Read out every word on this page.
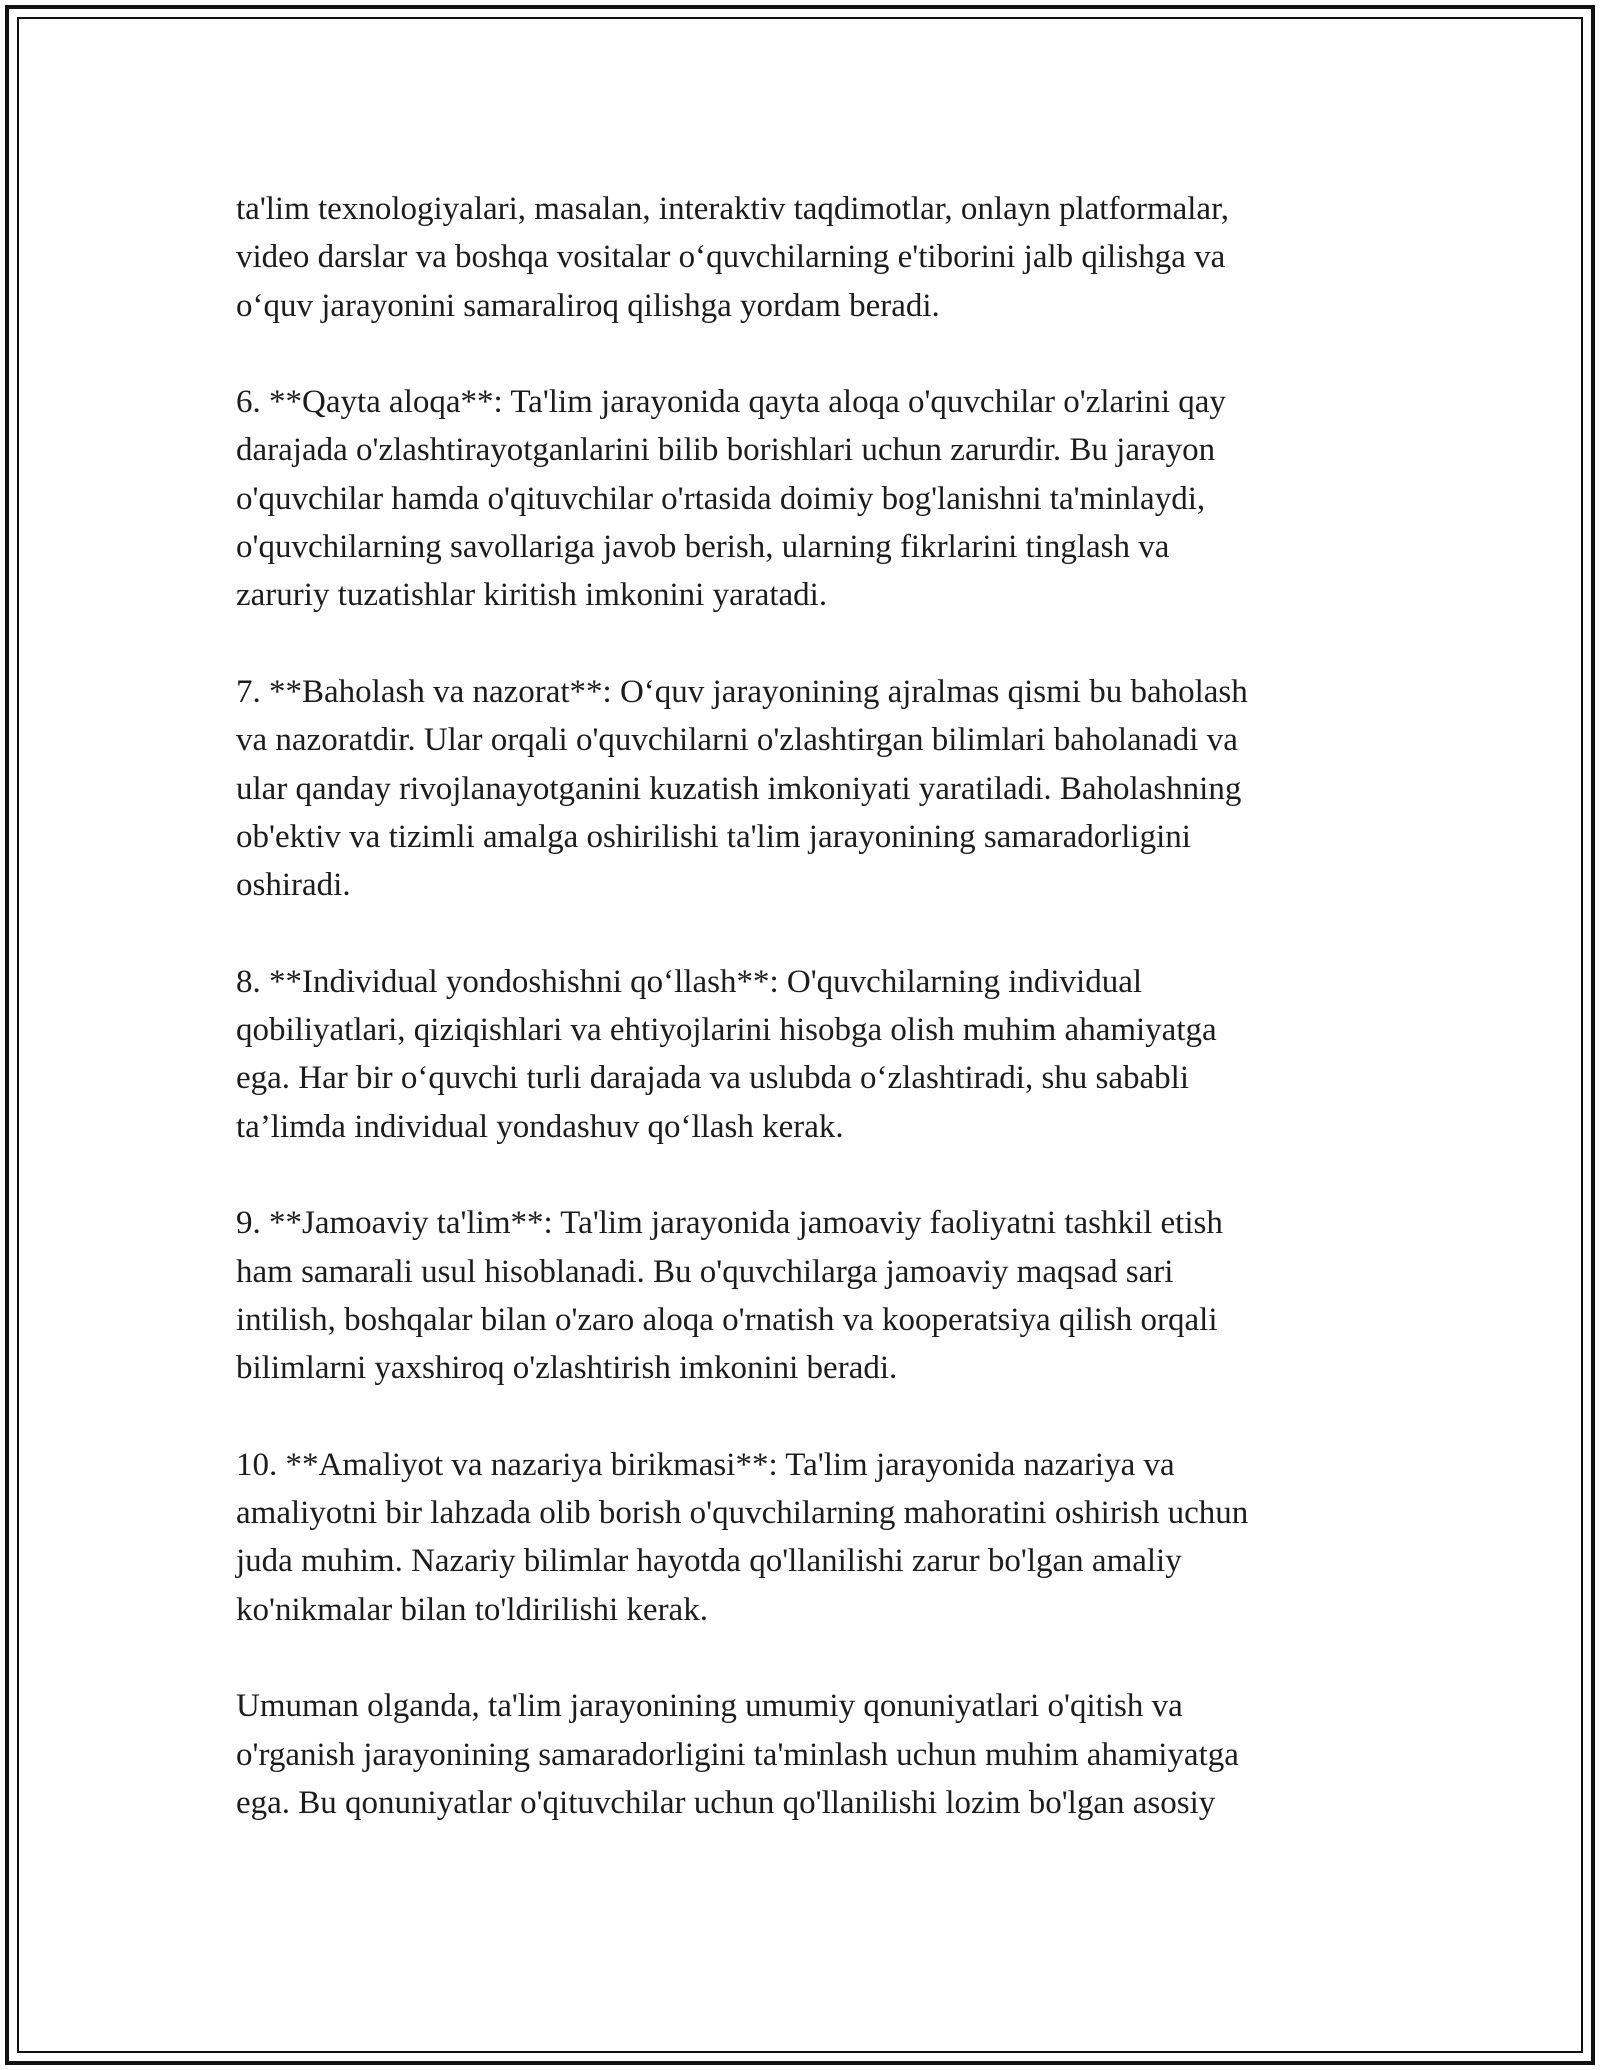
ta'lim texnologiyalari, masalan, interaktiv taqdimotlar, onlayn platformalar,
video darslar va boshqa vositalar o‘quvchilarning e'tiborini jalb qilishga va
o‘quv jarayonini samaraliroq qilishga yordam beradi.

6. **Qayta aloqa**: Ta'lim jarayonida qayta aloqa o'quvchilar o'zlarini qay
darajada o'zlashtirayotganlarini bilib borishlari uchun zarurdir. Bu jarayon
o'quvchilar hamda o'qituvchilar o'rtasida doimiy bog'lanishni ta'minlaydi,
o'quvchilarning savollariga javob berish, ularning fikrlarini tinglash va
zaruriy tuzatishlar kiritish imkonini yaratadi.

7. **Baholash va nazorat**: O‘quv jarayonining ajralmas qismi bu baholash
va nazoratdir. Ular orqali o'quvchilarni o'zlashtirgan bilimlari baholanadi va
ular qanday rivojlanayotganini kuzatish imkoniyati yaratiladi. Baholashning
ob'ektiv va tizimli amalga oshirilishi ta'lim jarayonining samaradorligini
oshiradi.

8. **Individual yondoshishni qo‘llash**: O'quvchilarning individual
qobiliyatlari, qiziqishlari va ehtiyojlarini hisobga olish muhim ahamiyatga
ega. Har bir o‘quvchi turli darajada va uslubda o‘zlashtiradi, shu sababli
ta’limda individual yondashuv qo‘llash kerak.

9. **Jamoaviy ta'lim**: Ta'lim jarayonida jamoaviy faoliyatni tashkil etish
ham samarali usul hisoblanadi. Bu o'quvchilarga jamoaviy maqsad sari
intilish, boshqalar bilan o'zaro aloqa o'rnatish va kooperatsiya qilish orqali
bilimlarni yaxshiroq o'zlashtirish imkonini beradi.

10. **Amaliyot va nazariya birikmasi**: Ta'lim jarayonida nazariya va
amaliyotni bir lahzada olib borish o'quvchilarning mahoratini oshirish uchun
juda muhim. Nazariy bilimlar hayotda qo'llanilishi zarur bo'lgan amaliy
ko'nikmalar bilan to'ldirilishi kerak.

Umuman olganda, ta'lim jarayonining umumiy qonuniyatlari o'qitish va
o'rganish jarayonining samaradorligini ta'minlash uchun muhim ahamiyatga
ega. Bu qonuniyatlar o'qituvchilar uchun qo'llanilishi lozim bo'lgan asosiy
